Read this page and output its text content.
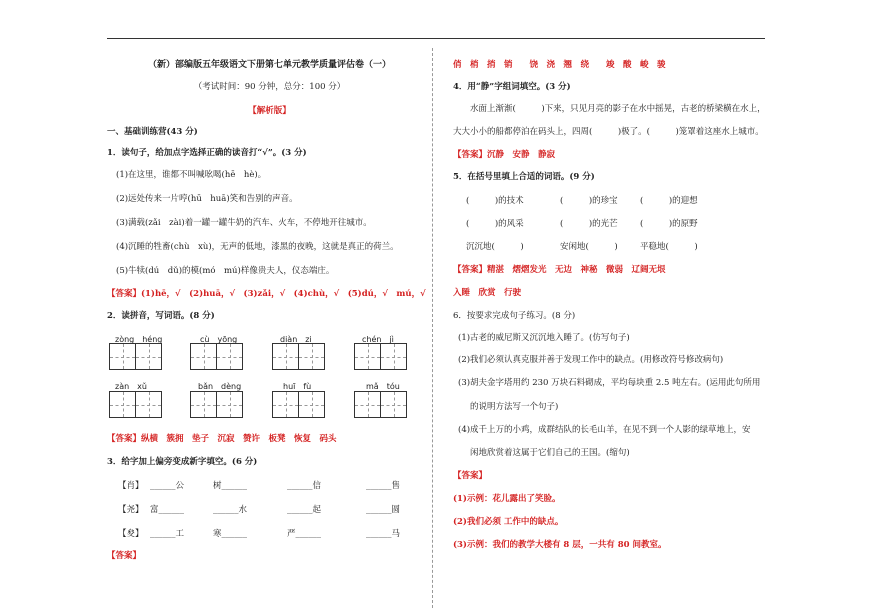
（新）部编版五年级语文下册第七单元教学质量评估卷（一）
（考试时间：90 分钟，总分：100 分）
【解析版】
一、基础训练营(43 分)
1．读句子，给加点字选择正确的读音打“√”。(3 分)
(1)在这里，谁都不叫喊吆喝(hē　hè)。
(2)远处传来一片哼(hū　huā)笑和告别的声音。
(3)满载(zǎi　zài)着一罐一罐牛奶的汽车、火车，不停地开往城市。
(4)沉睡的牲畜(chù　xù)，无声的低地，漆黑的夜晚，这就是真正的荷兰。
(5)牛犊(dú　dǔ)的模(mó　mú)样像贵夫人，仪态端庄。
【答案】(1)hē，√　(2)huā，√　(3)zǎi，√　(4)chù，√　(5)dú，√　mú，√
2．读拼音，写词语。(8 分)
zòng　héng	cù　yōng	diàn　zi	chén　jì
zàn　xǔ	bǎn　dèng	huī　fù	mǎ　tóu
【答案】纵横　簇拥　垫子　沉寂　赞许　板凳　恢复　码头
3．给字加上偏旁变成新字填空。(6 分)
【肖】 ______公	树______	______信	______售
【尧】 富______	______水	______起	______圆
【夋】 ______工	寒______	严______	______马
【答案】
俏　梢　捎　销　　饶　浇　翘　绕　　竣　酸　峻　骏
4．用“静”字组词填空。(3 分)
水面上渐渐(　　　)下来，只见月亮的影子在水中摇晃，古老的桥梁横在水上，
大大小小的船都停泊在码头上，四周(　　　)极了。(　　　)笼罩着这座水上城市。
【答案】沉静　安静　静寂
5．在括号里填上合适的词语。(9 分)
(　　　)的技术	(　　　)的珍宝	(　　　)的迎想
(　　　)的风采	(　　　)的光芒	(　　　)的原野
沉沉地(　　　)	安闲地(　　　)	平稳地(　　　)
【答案】精湛　熠熠发光　无边　神秘　微弱　辽阔无垠
入睡　欣赏　行驶
6．按要求完成句子练习。(8 分)
(1)古老的威尼斯又沉沉地入睡了。(仿写句子)
(2)我们必须认真克服并善于发现工作中的缺点。(用修改符号修改病句)
(3)胡夫金字塔用约 230 万块石料砌成，平均每块重 2.5 吨左右。(运用此句所用
的说明方法写一个句子)
(4)成千上万的小鸡，成群结队的长毛山羊，在见不到一个人影的绿草地上，安
闲地欣赏着这属于它们自己的王国。(缩句)
【答案】
(1)示例：花儿露出了笑脸。
(2)我们必须 工作中的缺点。
(3)示例：我们的教学大楼有 8 层，一共有 80 间教室。
